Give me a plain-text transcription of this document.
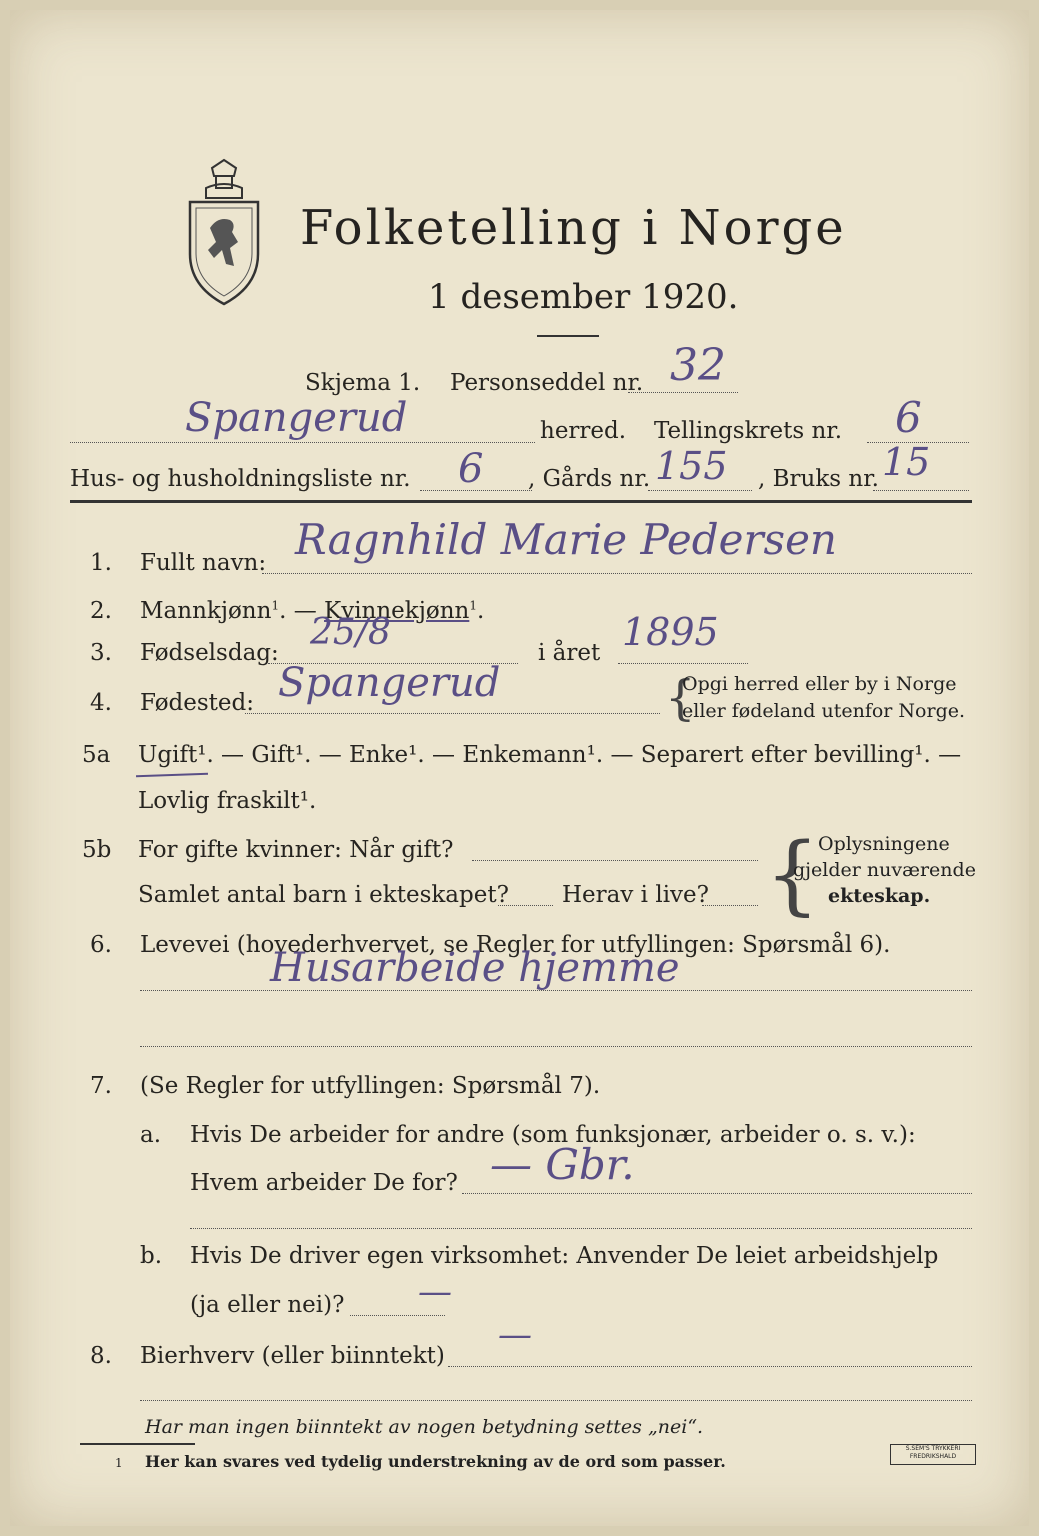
Folketelling i Norge
1 desember 1920.
Skjema 1. Personseddel nr. 32
Spangerud	herred. Tellingskrets nr. 6
Hus- og husholdningsliste nr. 6 , Gårds nr. 155 , Bruks nr. 15
1. Fullt navn: Ragnhild Marie Pedersen
2. Mannkjønn$^1$. — Kvinnekjønn$^1$.
3. Fødselsdag: 25/8	i året 1895
4. Fødested: Spangerud	{
Opgi herred eller by i Norge
eller fødeland utenfor Norge.
5a Ugift¹. — Gift¹. — Enke¹. — Enkemann¹. — Separert efter bevilling¹. —
Lovlig fraskilt¹.
5b For gifte kvinner: Når gift?
Samlet antal barn i ekteskapet? Herav i live? {
Oplysningene
gjelder nuværende
ekteskap.
6. Levevei (hovederhvervet, se Regler for utfyllingen: Spørsmål 6).
Husarbeide hjemme
7. (Se Regler for utfyllingen: Spørsmål 7).
a. Hvis De arbeider for andre (som funksjonær, arbeider o. s. v.):
Hvem arbeider De for? — Gbr.
b. Hvis De driver egen virksomhet: Anvender De leiet arbeidshjelp
(ja eller nei)? —
8. Bierhverv (eller biinntekt)
—
Har man ingen biinntekt av nogen betydning settes „nei“.
1 Her kan svares ved tydelig understrekning av de ord som passer.
S.SEM'S TRYKKERI FREDRIKSHALD
